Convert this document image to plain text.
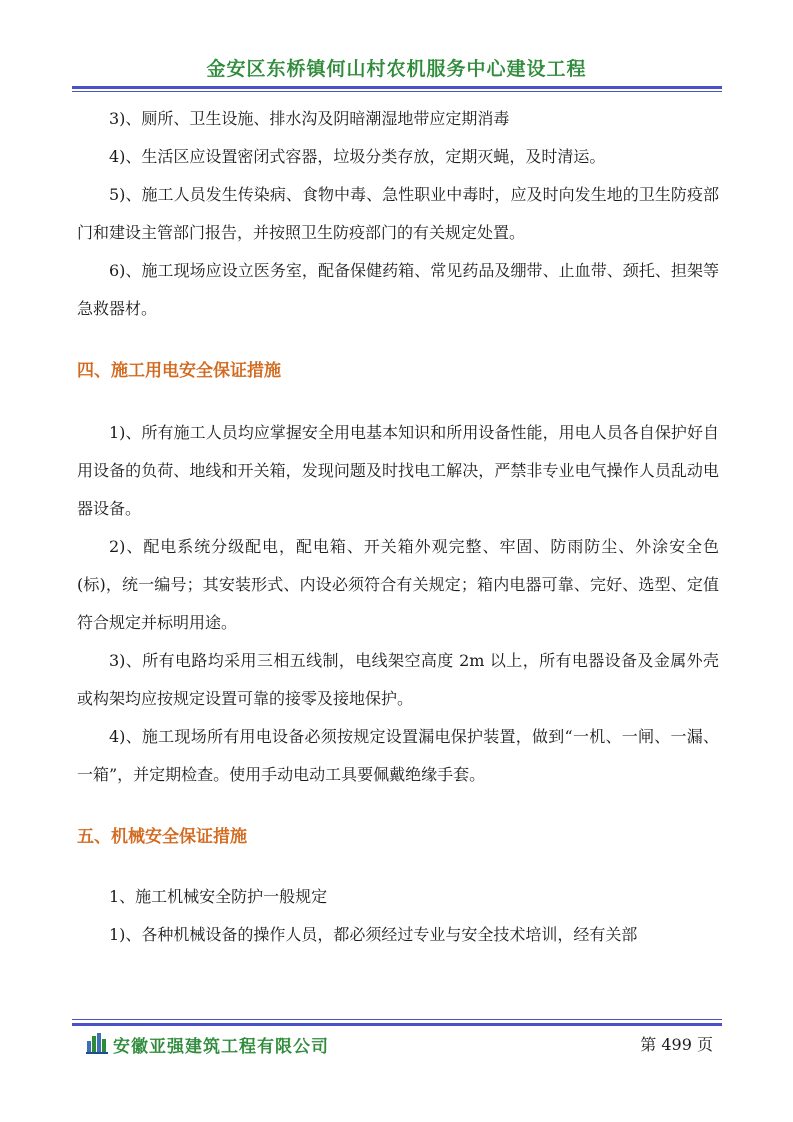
金安区东桥镇何山村农机服务中心建设工程

3)、厕所、卫生设施、排水沟及阴暗潮湿地带应定期消毒

4)、生活区应设置密闭式容器，垃圾分类存放，定期灭蝇，及时清运。

5)、施工人员发生传染病、食物中毒、急性职业中毒时，应及时向发生地的卫生防疫部门和建设主管部门报告，并按照卫生防疫部门的有关规定处置。

6)、施工现场应设立医务室，配备保健药箱、常见药品及绷带、止血带、颈托、担架等急救器材。

四、施工用电安全保证措施

1)、所有施工人员均应掌握安全用电基本知识和所用设备性能，用电人员各自保护好自用设备的负荷、地线和开关箱，发现问题及时找电工解决，严禁非专业电气操作人员乱动电器设备。

2)、配电系统分级配电，配电箱、开关箱外观完整、牢固、防雨防尘、外涂安全色(标)，统一编号；其安装形式、内设必须符合有关规定；箱内电器可靠、完好、选型、定值符合规定并标明用途。

3)、所有电路均采用三相五线制，电线架空高度 2m 以上，所有电器设备及金属外壳或构架均应按规定设置可靠的接零及接地保护。

4)、施工现场所有用电设备必须按规定设置漏电保护装置，做到“一机、一闸、一漏、一箱”，并定期检查。使用手动电动工具要佩戴绝缘手套。

五、机械安全保证措施

1、施工机械安全防护一般规定

1)、各种机械设备的操作人员，都必须经过专业与安全技术培训，经有关部

安徽亚强建筑工程有限公司	第 499 页
